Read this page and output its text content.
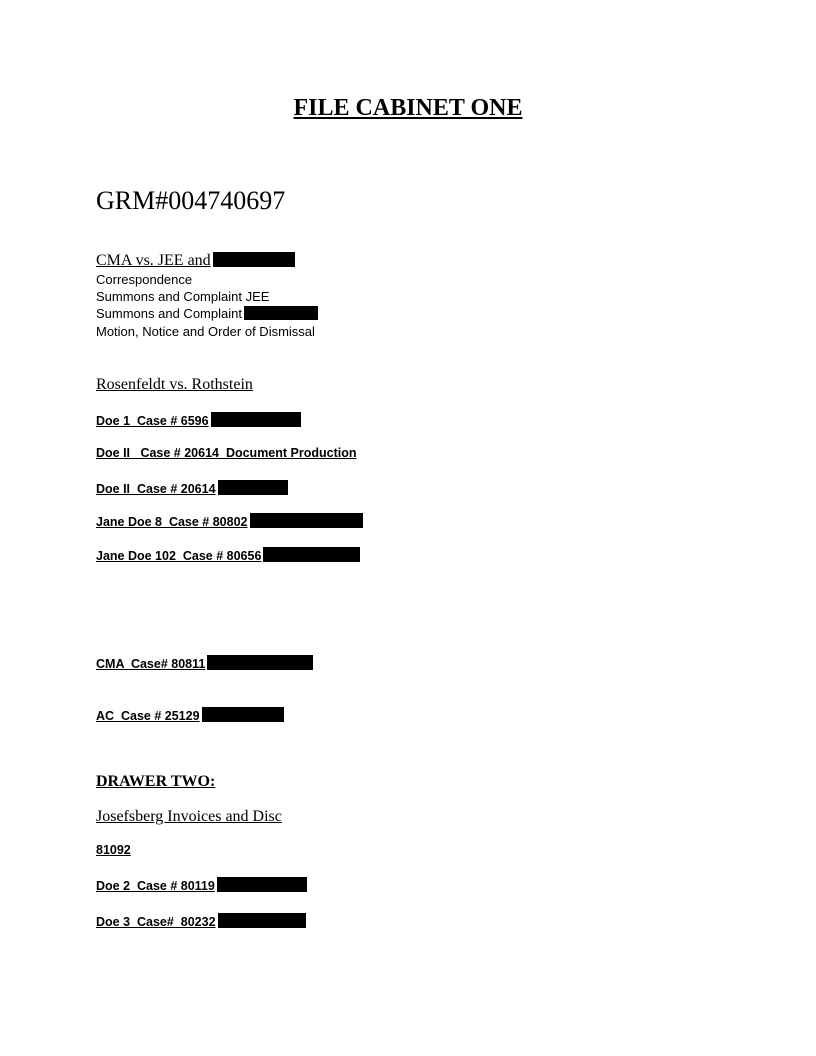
FILE CABINET ONE
GRM#004740697
CMA vs. JEE and
Correspondence
Summons and Complaint JEE
Summons and Complaint
Motion, Notice and Order of Dismissal
Rosenfeldt vs. Rothstein
Doe 1  Case # 6596
Doe II   Case # 20614  Document Production
Doe II  Case # 20614
Jane Doe 8  Case # 80802
Jane Doe 102  Case # 80656
CMA  Case# 80811
AC  Case # 25129
DRAWER TWO:
Josefsberg Invoices and Disc
81092
Doe 2  Case # 80119
Doe 3  Case#  80232
